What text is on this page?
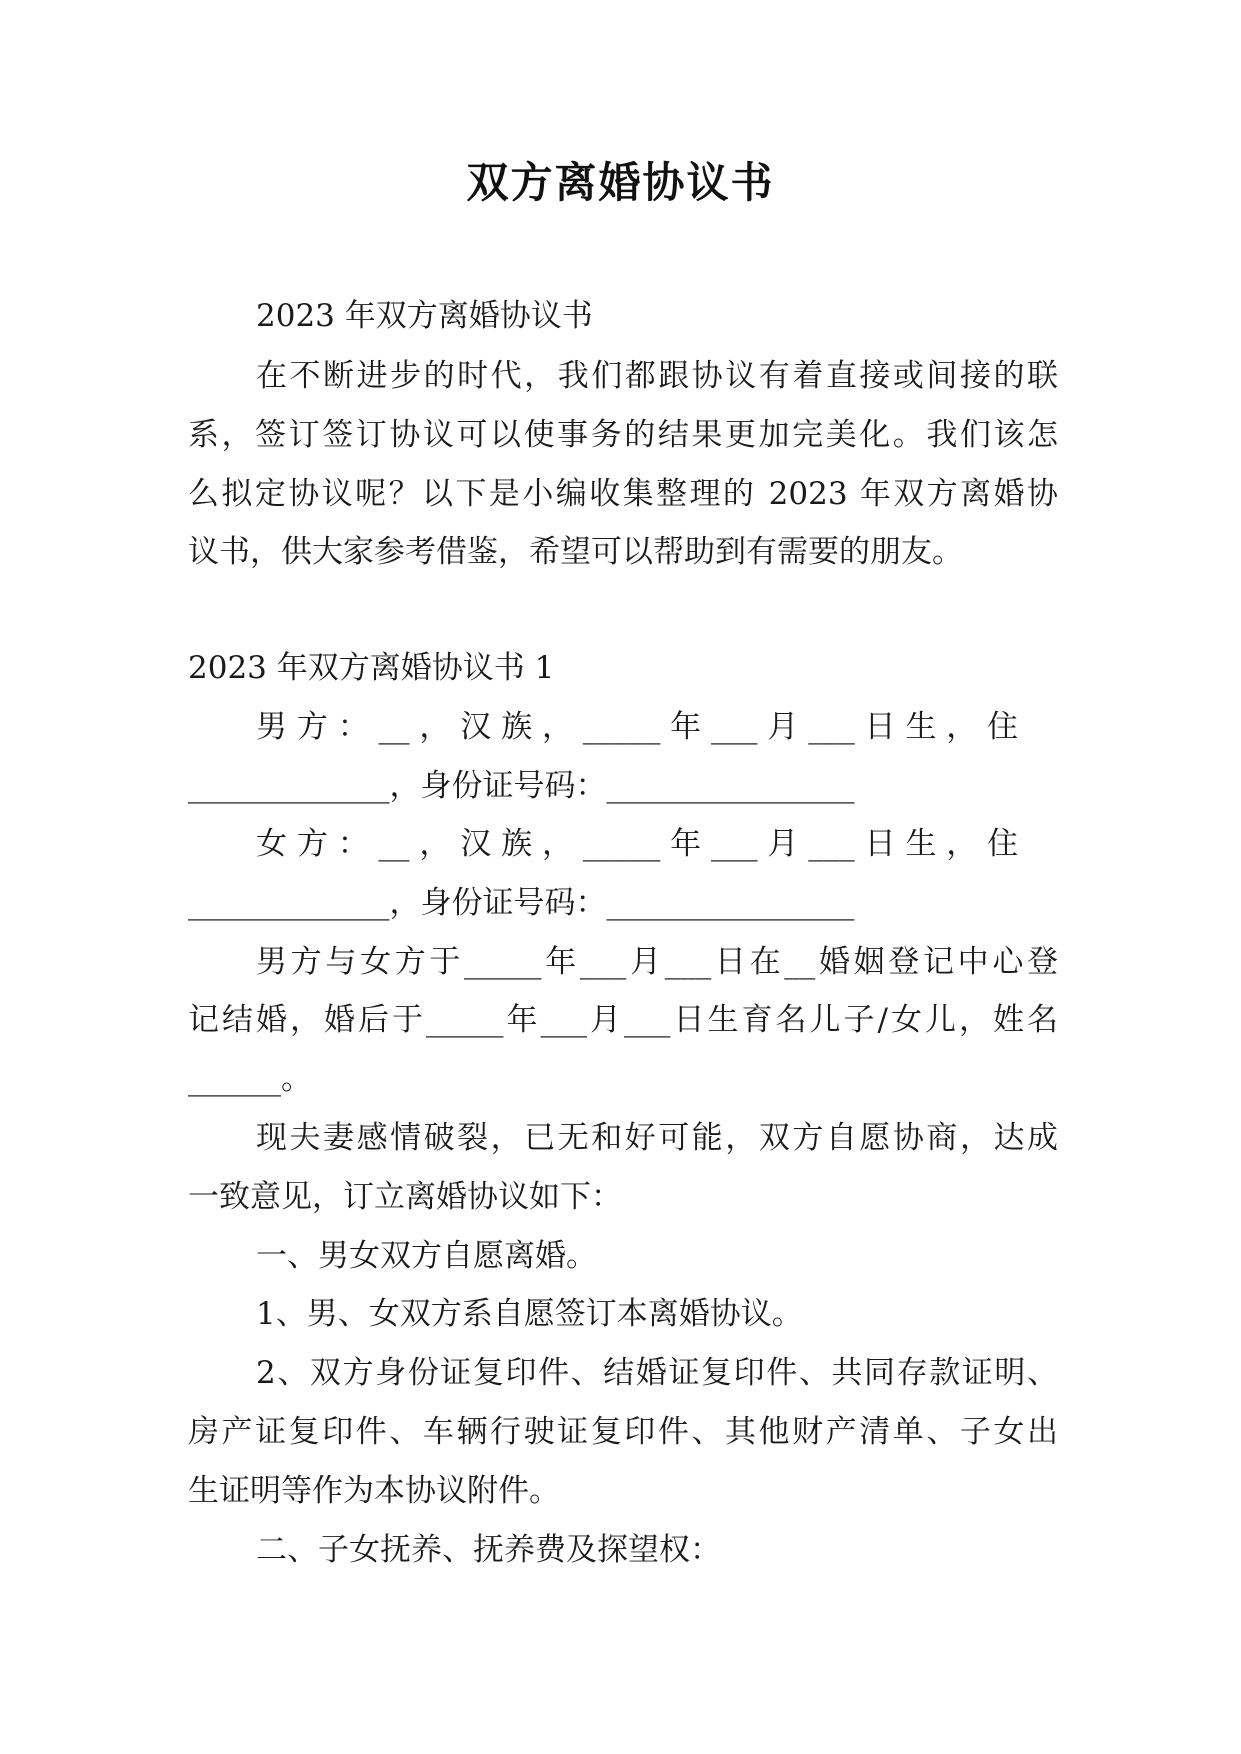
双方离婚协议书
2023 年双方离婚协议书
在不断进步的时代，我们都跟协议有着直接或间接的联
系，签订签订协议可以使事务的结果更加完美化。我们该怎
么拟定协议呢？以下是小编收集整理的 2023 年双方离婚协
议书，供大家参考借鉴，希望可以帮助到有需要的朋友。
2023 年双方离婚协议书 1
男 方 ： __ ， 汉 族 ， _____ 年 ___ 月 ___ 日 生 ， 住
_____________，身份证号码：________________
女 方 ： __ ， 汉 族 ， _____ 年 ___ 月 ___ 日 生 ， 住
_____________，身份证号码：________________
男方与女方于_____年___月___日在__婚姻登记中心登
记结婚，婚后于_____年___月___日生育名儿子/女儿，姓名
______。
现夫妻感情破裂，已无和好可能，双方自愿协商，达成
一致意见，订立离婚协议如下：
一、男女双方自愿离婚。
1、男、女双方系自愿签订本离婚协议。
2、双方身份证复印件、结婚证复印件、共同存款证明、
房产证复印件、车辆行驶证复印件、其他财产清单、子女出
生证明等作为本协议附件。
二、子女抚养、抚养费及探望权：
